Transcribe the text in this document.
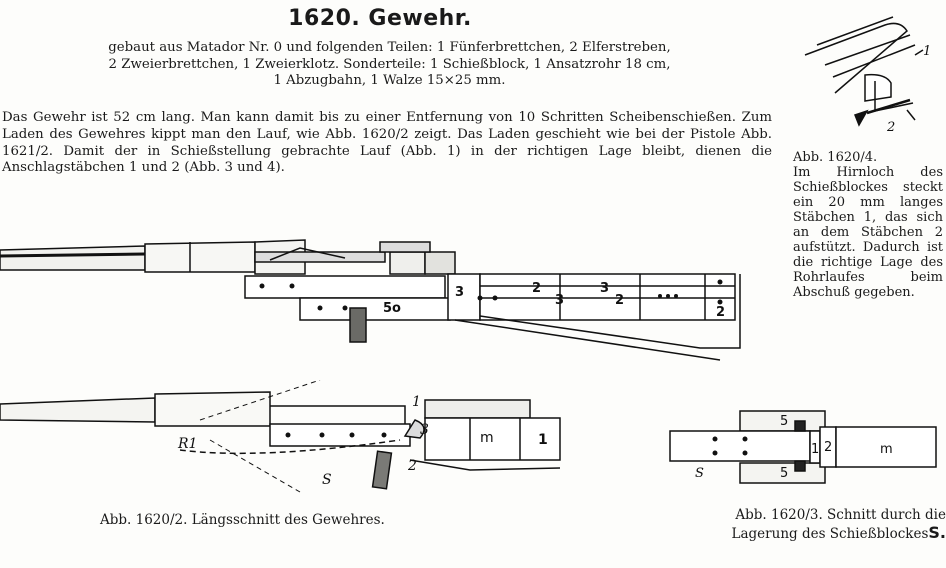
1620. Gewehr.
gebaut aus Matador Nr. 0 und folgenden Teilen: 1 Fünferbrettchen, 2 Elferstreben,
2 Zweierbrettchen, 1 Zweierklotz. Sonderteile: 1 Schießblock, 1 Ansatzrohr 18 cm,
1 Abzugbahn, 1 Walze 15×25 mm.
Das Gewehr ist 52 cm lang. Man kann damit bis zu einer Entfernung von 10 Schritten Scheibenschießen. Zum Laden des Gewehres kippt man den Lauf, wie Abb. 1620/2 zeigt. Das Laden geschieht wie bei der Pistole Abb. 1621/2. Damit der in Schießstellung gebrachte Lauf (Abb. 1) in der richtigen Lage bleibt, dienen die Anschlagstäbchen 1 und 2 (Abb. 3 und 4).
Abb. 1620/4.
Im Hirnloch des Schießblockes steckt ein 20 mm langes Stäbchen 1, das sich an dem Stäbchen 2 aufstützt. Dadurch ist die richtige Lage des Rohrlaufes beim Abschuß gegeben.
1
2
5o
3	2
3
3
2
2
R1
S
1
2
3
1
m
5
5
1 2	m
S
Abb. 1620/2. Längsschnitt des Gewehres.	Abb. 1620/3. Schnitt durch die
Lagerung des SchießblockesS.
